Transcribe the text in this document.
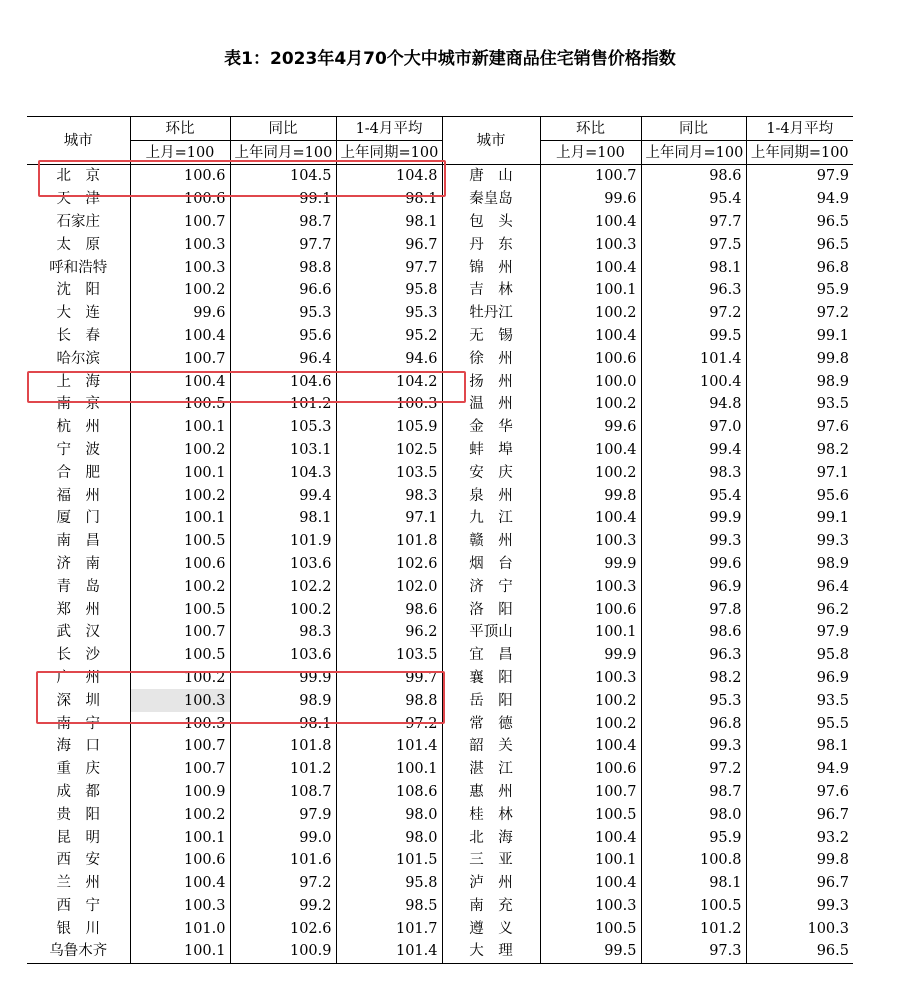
表1：2023年4月70个大中城市新建商品住宅销售价格指数
城市	环比	同比	1-4月平均	城市	环比	同比	1-4月平均
	上月=100	上年同月=100	上年同期=100		上月=100	上年同月=100	上年同期=100
北　京	100.6	104.5	104.8	唐　山	100.7	98.6	97.9
天　津	100.6	99.1	98.1	秦皇岛	99.6	95.4	94.9
石家庄	100.7	98.7	98.1	包　头	100.4	97.7	96.5
太　原	100.3	97.7	96.7	丹　东	100.3	97.5	96.5
呼和浩特	100.3	98.8	97.7	锦　州	100.4	98.1	96.8
沈　阳	100.2	96.6	95.8	吉　林	100.1	96.3	95.9
大　连	99.6	95.3	95.3	牡丹江	100.2	97.2	97.2
长　春	100.4	95.6	95.2	无　锡	100.4	99.5	99.1
哈尔滨	100.7	96.4	94.6	徐　州	100.6	101.4	99.8
上　海	100.4	104.6	104.2	扬　州	100.0	100.4	98.9
南　京	100.5	101.2	100.3	温　州	100.2	94.8	93.5
杭　州	100.1	105.3	105.9	金　华	99.6	97.0	97.6
宁　波	100.2	103.1	102.5	蚌　埠	100.4	99.4	98.2
合　肥	100.1	104.3	103.5	安　庆	100.2	98.3	97.1
福　州	100.2	99.4	98.3	泉　州	99.8	95.4	95.6
厦　门	100.1	98.1	97.1	九　江	100.4	99.9	99.1
南　昌	100.5	101.9	101.8	赣　州	100.3	99.3	99.3
济　南	100.6	103.6	102.6	烟　台	99.9	99.6	98.9
青　岛	100.2	102.2	102.0	济　宁	100.3	96.9	96.4
郑　州	100.5	100.2	98.6	洛　阳	100.6	97.8	96.2
武　汉	100.7	98.3	96.2	平顶山	100.1	98.6	97.9
长　沙	100.5	103.6	103.5	宜　昌	99.9	96.3	95.8
广　州	100.2	99.9	99.7	襄　阳	100.3	98.2	96.9
深　圳	100.3	98.9	98.8	岳　阳	100.2	95.3	93.5
南　宁	100.3	98.1	97.2	常　德	100.2	96.8	95.5
海　口	100.7	101.8	101.4	韶　关	100.4	99.3	98.1
重　庆	100.7	101.2	100.1	湛　江	100.6	97.2	94.9
成　都	100.9	108.7	108.6	惠　州	100.7	98.7	97.6
贵　阳	100.2	97.9	98.0	桂　林	100.5	98.0	96.7
昆　明	100.1	99.0	98.0	北　海	100.4	95.9	93.2
西　安	100.6	101.6	101.5	三　亚	100.1	100.8	99.8
兰　州	100.4	97.2	95.8	泸　州	100.4	98.1	96.7
西　宁	100.3	99.2	98.5	南　充	100.3	100.5	99.3
银　川	101.0	102.6	101.7	遵　义	100.5	101.2	100.3
乌鲁木齐	100.1	100.9	101.4	大　理	99.5	97.3	96.5
